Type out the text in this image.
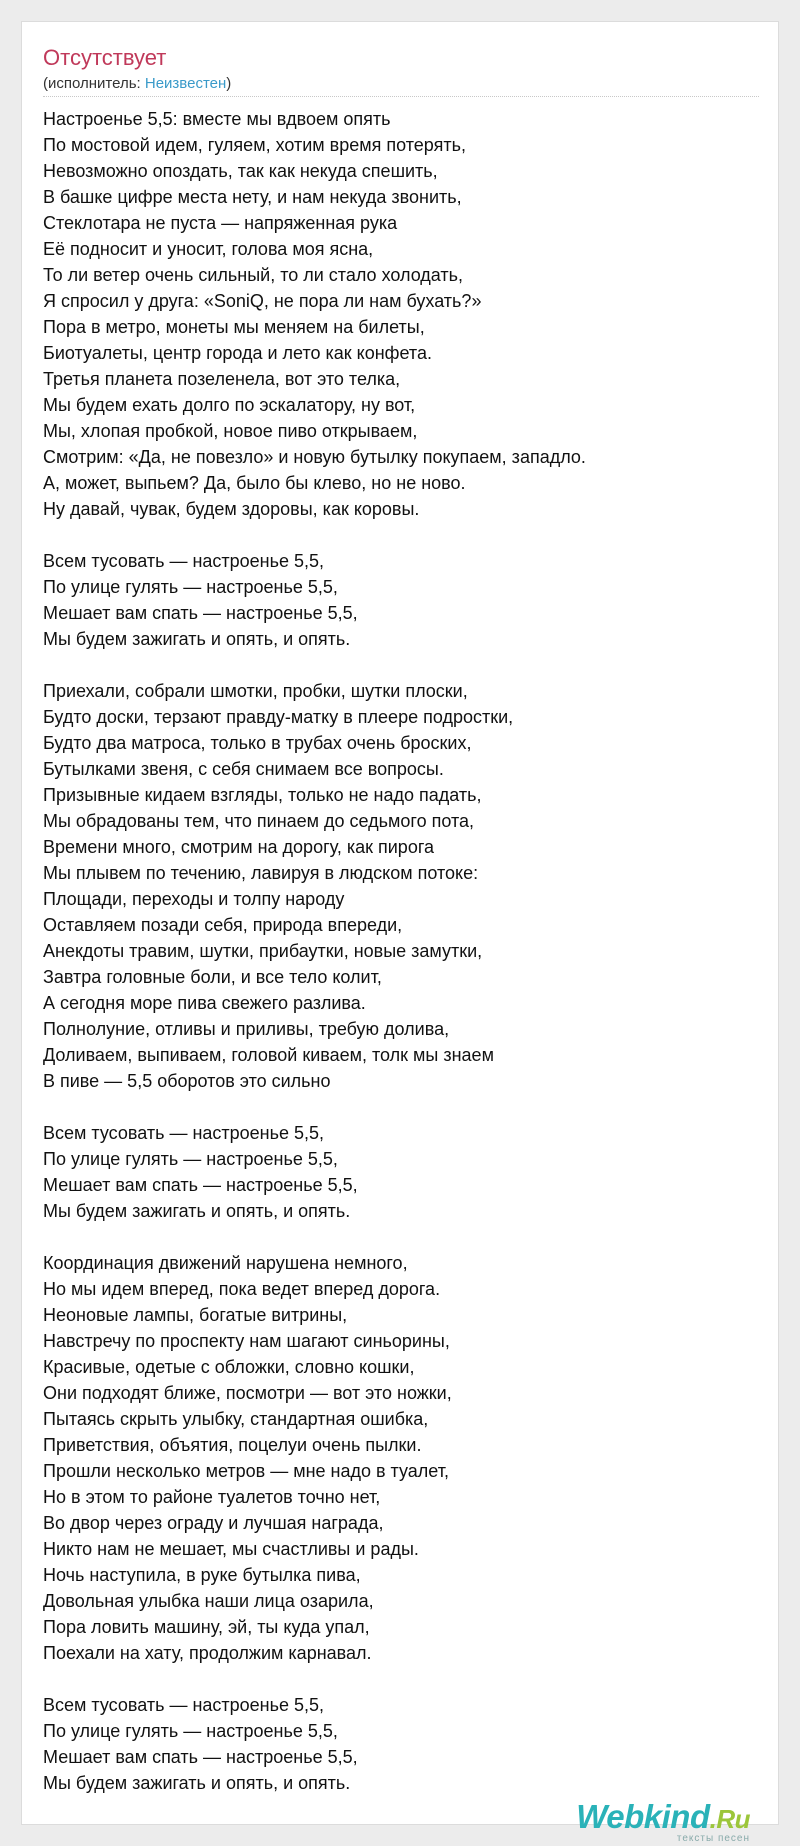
Отсутствует
(исполнитель: Неизвестен)
Настроенье 5,5: вместе мы вдвоем опять
По мостовой идем, гуляем, хотим время потерять,
Невозможно опоздать, так как некуда спешить,
В башке цифре места нету, и нам некуда звонить,
Стеклотара не пуста — напряженная рука
Её подносит и уносит, голова моя ясна,
То ли ветер очень сильный, то ли стало холодать,
Я спросил у друга: «SoniQ, не пора ли нам бухать?»
Пора в метро, монеты мы меняем на билеты,
Биотуалеты, центр города и лето как конфета.
Третья планета позеленела, вот это телка,
Мы будем ехать долго по эскалатору, ну вот,
Мы, хлопая пробкой, новое пиво открываем,
Смотрим: «Да, не повезло» и новую бутылку покупаем, западло.
А, может, выпьем? Да, было бы клево, но не ново.
Ну давай, чувак, будем здоровы, как коровы.
Всем тусовать — настроенье 5,5,
По улице гулять — настроенье 5,5,
Мешает вам спать — настроенье 5,5,
Мы будем зажигать и опять, и опять.
Приехали, собрали шмотки, пробки, шутки плоски,
Будто доски, терзают правду-матку в плеере подростки,
Будто два матроса, только в трубах очень броских,
Бутылками звеня, с себя снимаем все вопросы.
Призывные кидаем взгляды, только не надо падать,
Мы обрадованы тем, что пинаем до седьмого пота,
Времени много, смотрим на дорогу, как пирога
Мы плывем по течению, лавируя в людском потоке:
Площади, переходы и толпу народу
Оставляем позади себя, природа впереди,
Анекдоты травим, шутки, прибаутки, новые замутки,
Завтра головные боли, и все тело колит,
А сегодня море пива свежего разлива.
Полнолуние, отливы и приливы, требую долива,
Доливаем, выпиваем, головой киваем, толк мы знаем
В пиве — 5,5 оборотов это сильно
Всем тусовать — настроенье 5,5,
По улице гулять — настроенье 5,5,
Мешает вам спать — настроенье 5,5,
Мы будем зажигать и опять, и опять.
Координация движений нарушена немного,
Но мы идем вперед, пока ведет вперед дорога.
Неоновые лампы, богатые витрины,
Навстречу по проспекту нам шагают синьорины,
Красивые, одетые с обложки, словно кошки,
Они подходят ближе, посмотри — вот это ножки,
Пытаясь скрыть улыбку, стандартная ошибка,
Приветствия, объятия, поцелуи очень пылки.
Прошли несколько метров — мне надо в туалет,
Но в этом то районе туалетов точно нет,
Во двор через ограду и лучшая награда,
Никто нам не мешает, мы счастливы и рады.
Ночь наступила, в руке бутылка пива,
Довольная улыбка наши лица озарила,
Пора ловить машину, эй, ты куда упал,
Поехали на хату, продолжим карнавал.
Всем тусовать — настроенье 5,5,
По улице гулять — настроенье 5,5,
Мешает вам спать — настроенье 5,5,
Мы будем зажигать и опять, и опять.
Webkind.Ru
тексты песен
